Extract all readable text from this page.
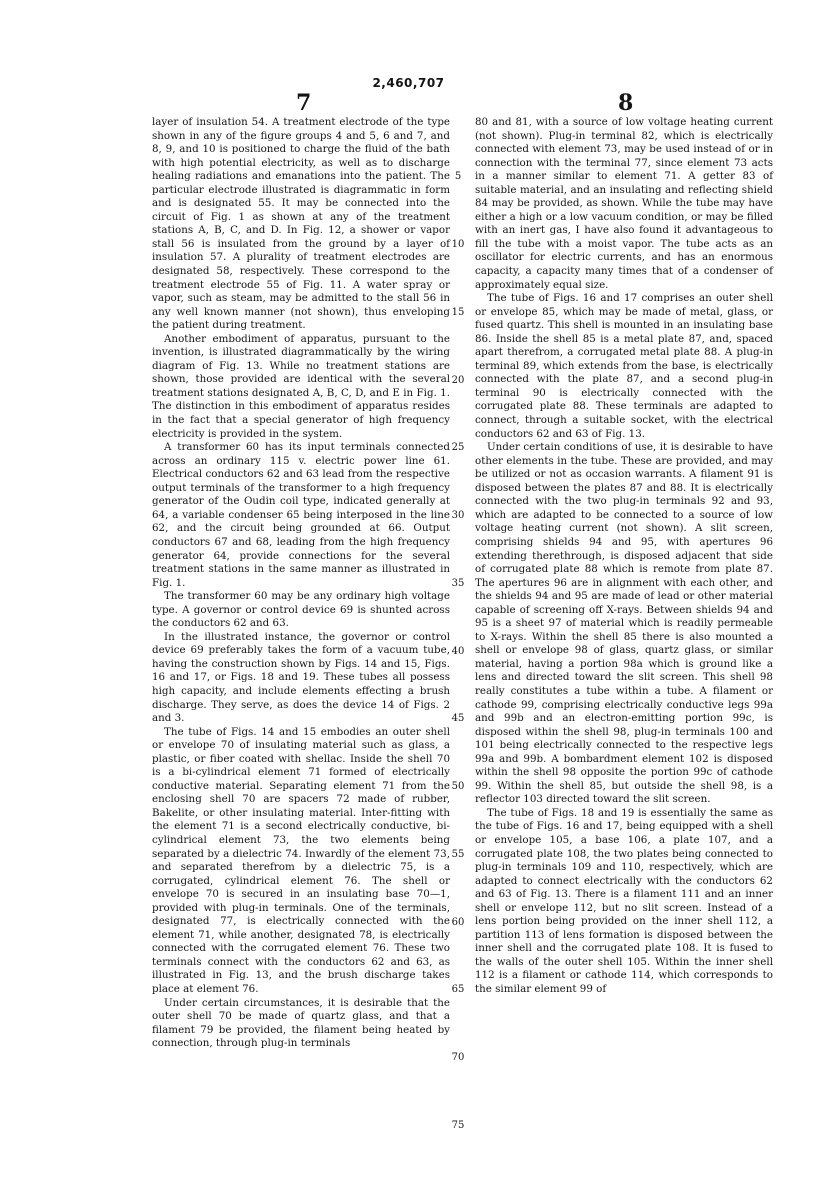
2,460,707
7	8

layer of insulation 54. A treatment electrode of the type shown in any of the figure groups 4 and 5, 6 and 7, and 8, 9, and 10 is positioned to charge the fluid of the bath with high potential electricity, as well as to discharge healing radiations and emanations into the patient. The particular electrode illustrated is diagrammatic in form and is designated 55. It may be connected into the circuit of Fig. 1 as shown at any of the treatment stations A, B, C, and D. In Fig. 12, a shower or vapor stall 56 is insulated from the ground by a layer of insulation 57. A plurality of treatment electrodes are designated 58, respectively. These correspond to the treatment electrode 55 of Fig. 11. A water spray or vapor, such as steam, may be admitted to the stall 56 in any well known manner (not shown), thus enveloping the patient during treatment.

Another embodiment of apparatus, pursuant to the invention, is illustrated diagrammatically by the wiring diagram of Fig. 13. While no treatment stations are shown, those provided are identical with the several treatment stations designated A, B, C, D, and E in Fig. 1. The distinction in this embodiment of apparatus resides in the fact that a special generator of high frequency electricity is provided in the system.

A transformer 60 has its input terminals connected across an ordinary 115 v. electric power line 61. Electrical conductors 62 and 63 lead from the respective output terminals of the transformer to a high frequency generator of the Oudin coil type, indicated generally at 64, a variable condenser 65 being interposed in the line 62, and the circuit being grounded at 66. Output conductors 67 and 68, leading from the high frequency generator 64, provide connections for the several treatment stations in the same manner as illustrated in Fig. 1.

The transformer 60 may be any ordinary high voltage type. A governor or control device 69 is shunted across the conductors 62 and 63.

In the illustrated instance, the governor or control device 69 preferably takes the form of a vacuum tube, having the construction shown by Figs. 14 and 15, Figs. 16 and 17, or Figs. 18 and 19. These tubes all possess high capacity, and include elements effecting a brush discharge. They serve, as does the device 14 of Figs. 2 and 3.

The tube of Figs. 14 and 15 embodies an outer shell or envelope 70 of insulating material such as glass, a plastic, or fiber coated with shellac. Inside the shell 70 is a bi-cylindrical element 71 formed of electrically conductive material. Separating element 71 from the enclosing shell 70 are spacers 72 made of rubber, Bakelite, or other insulating material. Inter-fitting with the element 71 is a second electrically conductive, bi-cylindrical element 73, the two elements being separated by a dielectric 74. Inwardly of the element 73, and separated therefrom by a dielectric 75, is a corrugated, cylindrical element 76. The shell or envelope 70 is secured in an insulating base 70—1, provided with plug-in terminals. One of the terminals, designated 77, is electrically connected with the element 71, while another, designated 78, is electrically connected with the corrugated element 76. These two terminals connect with the conductors 62 and 63, as illustrated in Fig. 13, and the brush discharge takes place at element 76.

Under certain circumstances, it is desirable that the outer shell 70 be made of quartz glass, and that a filament 79 be provided, the filament being heated by connection, through plug-in terminals

5
10
15
20
25
30
35
40
45
50
55
60
65
70
75

80 and 81, with a source of low voltage heating current (not shown). Plug-in terminal 82, which is electrically connected with element 73, may be used instead of or in connection with the terminal 77, since element 73 acts in a manner similar to element 71. A getter 83 of suitable material, and an insulating and reflecting shield 84 may be provided, as shown. While the tube may have either a high or a low vacuum condition, or may be filled with an inert gas, I have also found it advantageous to fill the tube with a moist vapor. The tube acts as an oscillator for electric currents, and has an enormous capacity, a capacity many times that of a condenser of approximately equal size.

The tube of Figs. 16 and 17 comprises an outer shell or envelope 85, which may be made of metal, glass, or fused quartz. This shell is mounted in an insulating base 86. Inside the shell 85 is a metal plate 87, and, spaced apart therefrom, a corrugated metal plate 88. A plug-in terminal 89, which extends from the base, is electrically connected with the plate 87, and a second plug-in terminal 90 is electrically connected with the corrugated plate 88. These terminals are adapted to connect, through a suitable socket, with the electrical conductors 62 and 63 of Fig. 13.

Under certain conditions of use, it is desirable to have other elements in the tube. These are provided, and may be utilized or not as occasion warrants. A filament 91 is disposed between the plates 87 and 88. It is electrically connected with the two plug-in terminals 92 and 93, which are adapted to be connected to a source of low voltage heating current (not shown). A slit screen, comprising shields 94 and 95, with apertures 96 extending therethrough, is disposed adjacent that side of corrugated plate 88 which is remote from plate 87. The apertures 96 are in alignment with each other, and the shields 94 and 95 are made of lead or other material capable of screening off X-rays. Between shields 94 and 95 is a sheet 97 of material which is readily permeable to X-rays. Within the shell 85 there is also mounted a shell or envelope 98 of glass, quartz glass, or similar material, having a portion 98a which is ground like a lens and directed toward the slit screen. This shell 98 really constitutes a tube within a tube. A filament or cathode 99, comprising electrically conductive legs 99a and 99b and an electron-emitting portion 99c, is disposed within the shell 98, plug-in terminals 100 and 101 being electrically connected to the respective legs 99a and 99b. A bombardment element 102 is disposed within the shell 98 opposite the portion 99c of cathode 99. Within the shell 85, but outside the shell 98, is a reflector 103 directed toward the slit screen.

The tube of Figs. 18 and 19 is essentially the same as the tube of Figs. 16 and 17, being equipped with a shell or envelope 105, a base 106, a plate 107, and a corrugated plate 108, the two plates being connected to plug-in terminals 109 and 110, respectively, which are adapted to connect electrically with the conductors 62 and 63 of Fig. 13. There is a filament 111 and an inner shell or envelope 112, but no slit screen. Instead of a lens portion being provided on the inner shell 112, a partition 113 of lens formation is disposed between the inner shell and the corrugated plate 108. It is fused to the walls of the outer shell 105. Within the inner shell 112 is a filament or cathode 114, which corresponds to the similar element 99 of
